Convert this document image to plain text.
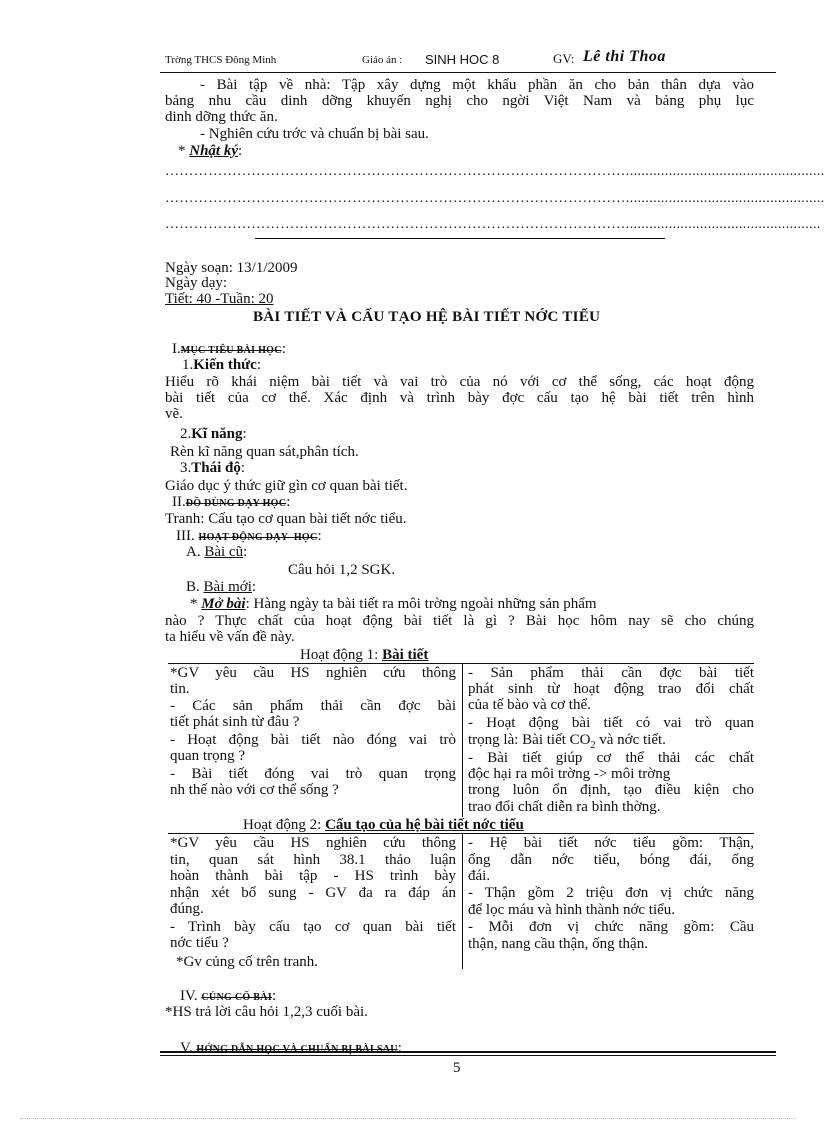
Trờng THCS Đông Minh	Giáo án : SINH HOC 8	GV: Lê thi Thoa
- Bài tập về nhà: Tập xây dựng một khẩu phần ăn cho bản thân dựa vào
bảng nhu cầu dinh dỡng khuyến nghị cho ngời Việt Nam và bảng phụ lục
dinh dỡng thức ăn.
- Nghiên cứu trớc và chuẩn bị bài sau.
* Nhật ký:
……………………………………………………………………………………...................................................
……………………………………………………………………………………...................................................
……………………………………………………………………………………..................................................
Ngày soạn: 13/1/2009
Ngày dạy:
Tiết: 40 -Tuần: 20
BÀI TIẾT VÀ CẤU TẠO HỆ BÀI TIẾT NỚC TIỂU
I.MỤC TIÊU BÀI HỌC:
1.Kiến thức:
Hiểu rõ khái niệm bài tiết và vai trò của nó với cơ thể sống, các hoạt động
bài tiết của cơ thể. Xác định và trình bày đợc cấu tạo hệ bài tiết trên hình
vẽ.
2.Kĩ năng:
Rèn kĩ năng quan sát,phân tích.
3.Thái độ:
Giáo dục ý thức giữ gìn cơ quan bài tiết.
II.ĐỒ DÙNG DẠY HỌC:
Tranh: Cấu tạo cơ quan bài tiết nớc tiểu.
III. HOẠT ĐỘNG DẠY- HỌC:
A. Bài cũ:
Câu hỏi 1,2 SGK.
B. Bài mới:
* Mở bài: Hàng ngày ta bài tiết ra môi trờng ngoài những sản phẩm
nào ? Thực chất của hoạt động bài tiết là gì ? Bài học hôm nay sẽ cho chúng
ta hiểu về vấn đề này.
Hoạt động 1: Bài tiết
*GV yêu cầu HS nghiên cứu thông
tin.
- Các sản phẩm thải cần đợc bài
tiết phát sinh từ đâu ?
- Hoạt động bài tiết nào đóng vai trò
quan trọng ?
- Bài tiết đóng vai trò quan trọng
nh thế nào với cơ thể sống ?
- Sản phẩm thải cần đợc bài tiết
phát sinh từ hoạt động trao đổi chất
của tế bào và cơ thể.
- Hoạt động bài tiết có vai trò quan
trọng là: Bài tiết $CO_2$ và nớc tiết.
- Bài tiết giúp cơ thể thải các chất
độc hại ra môi trờng -> môi trờng
trong luôn ổn định, tạo điều kiện cho
trao đổi chất diễn ra bình thờng.
Hoạt động 2: Cấu tạo của hệ bài tiết nớc tiểu
*GV yêu cầu HS nghiên cứu thông
tin, quan sát hình 38.1 thảo luận
hoàn thành bài tập - HS trình bày
nhận xét bổ sung - GV đa ra đáp án
đúng.
- Trình bày cấu tạo cơ quan bài tiết
nớc tiểu ?
*Gv củng cố trên tranh.
- Hệ bài tiết nớc tiểu gồm: Thận,
ống dẫn nớc tiểu, bóng đái, ống
đái.
- Thận gồm 2 triệu đơn vị chức năng
để lọc máu và hình thành nớc tiểu.
- Mỗi đơn vị chức năng gồm: Cầu
thận, nang cầu thận, ống thận.
IV. CỦNG CỐ BÀI:
*HS trả lời câu hỏi 1,2,3 cuối bài.
V. HỚNG DẪN HỌC VÀ CHUẨN BỊ BÀI SAU:
5
